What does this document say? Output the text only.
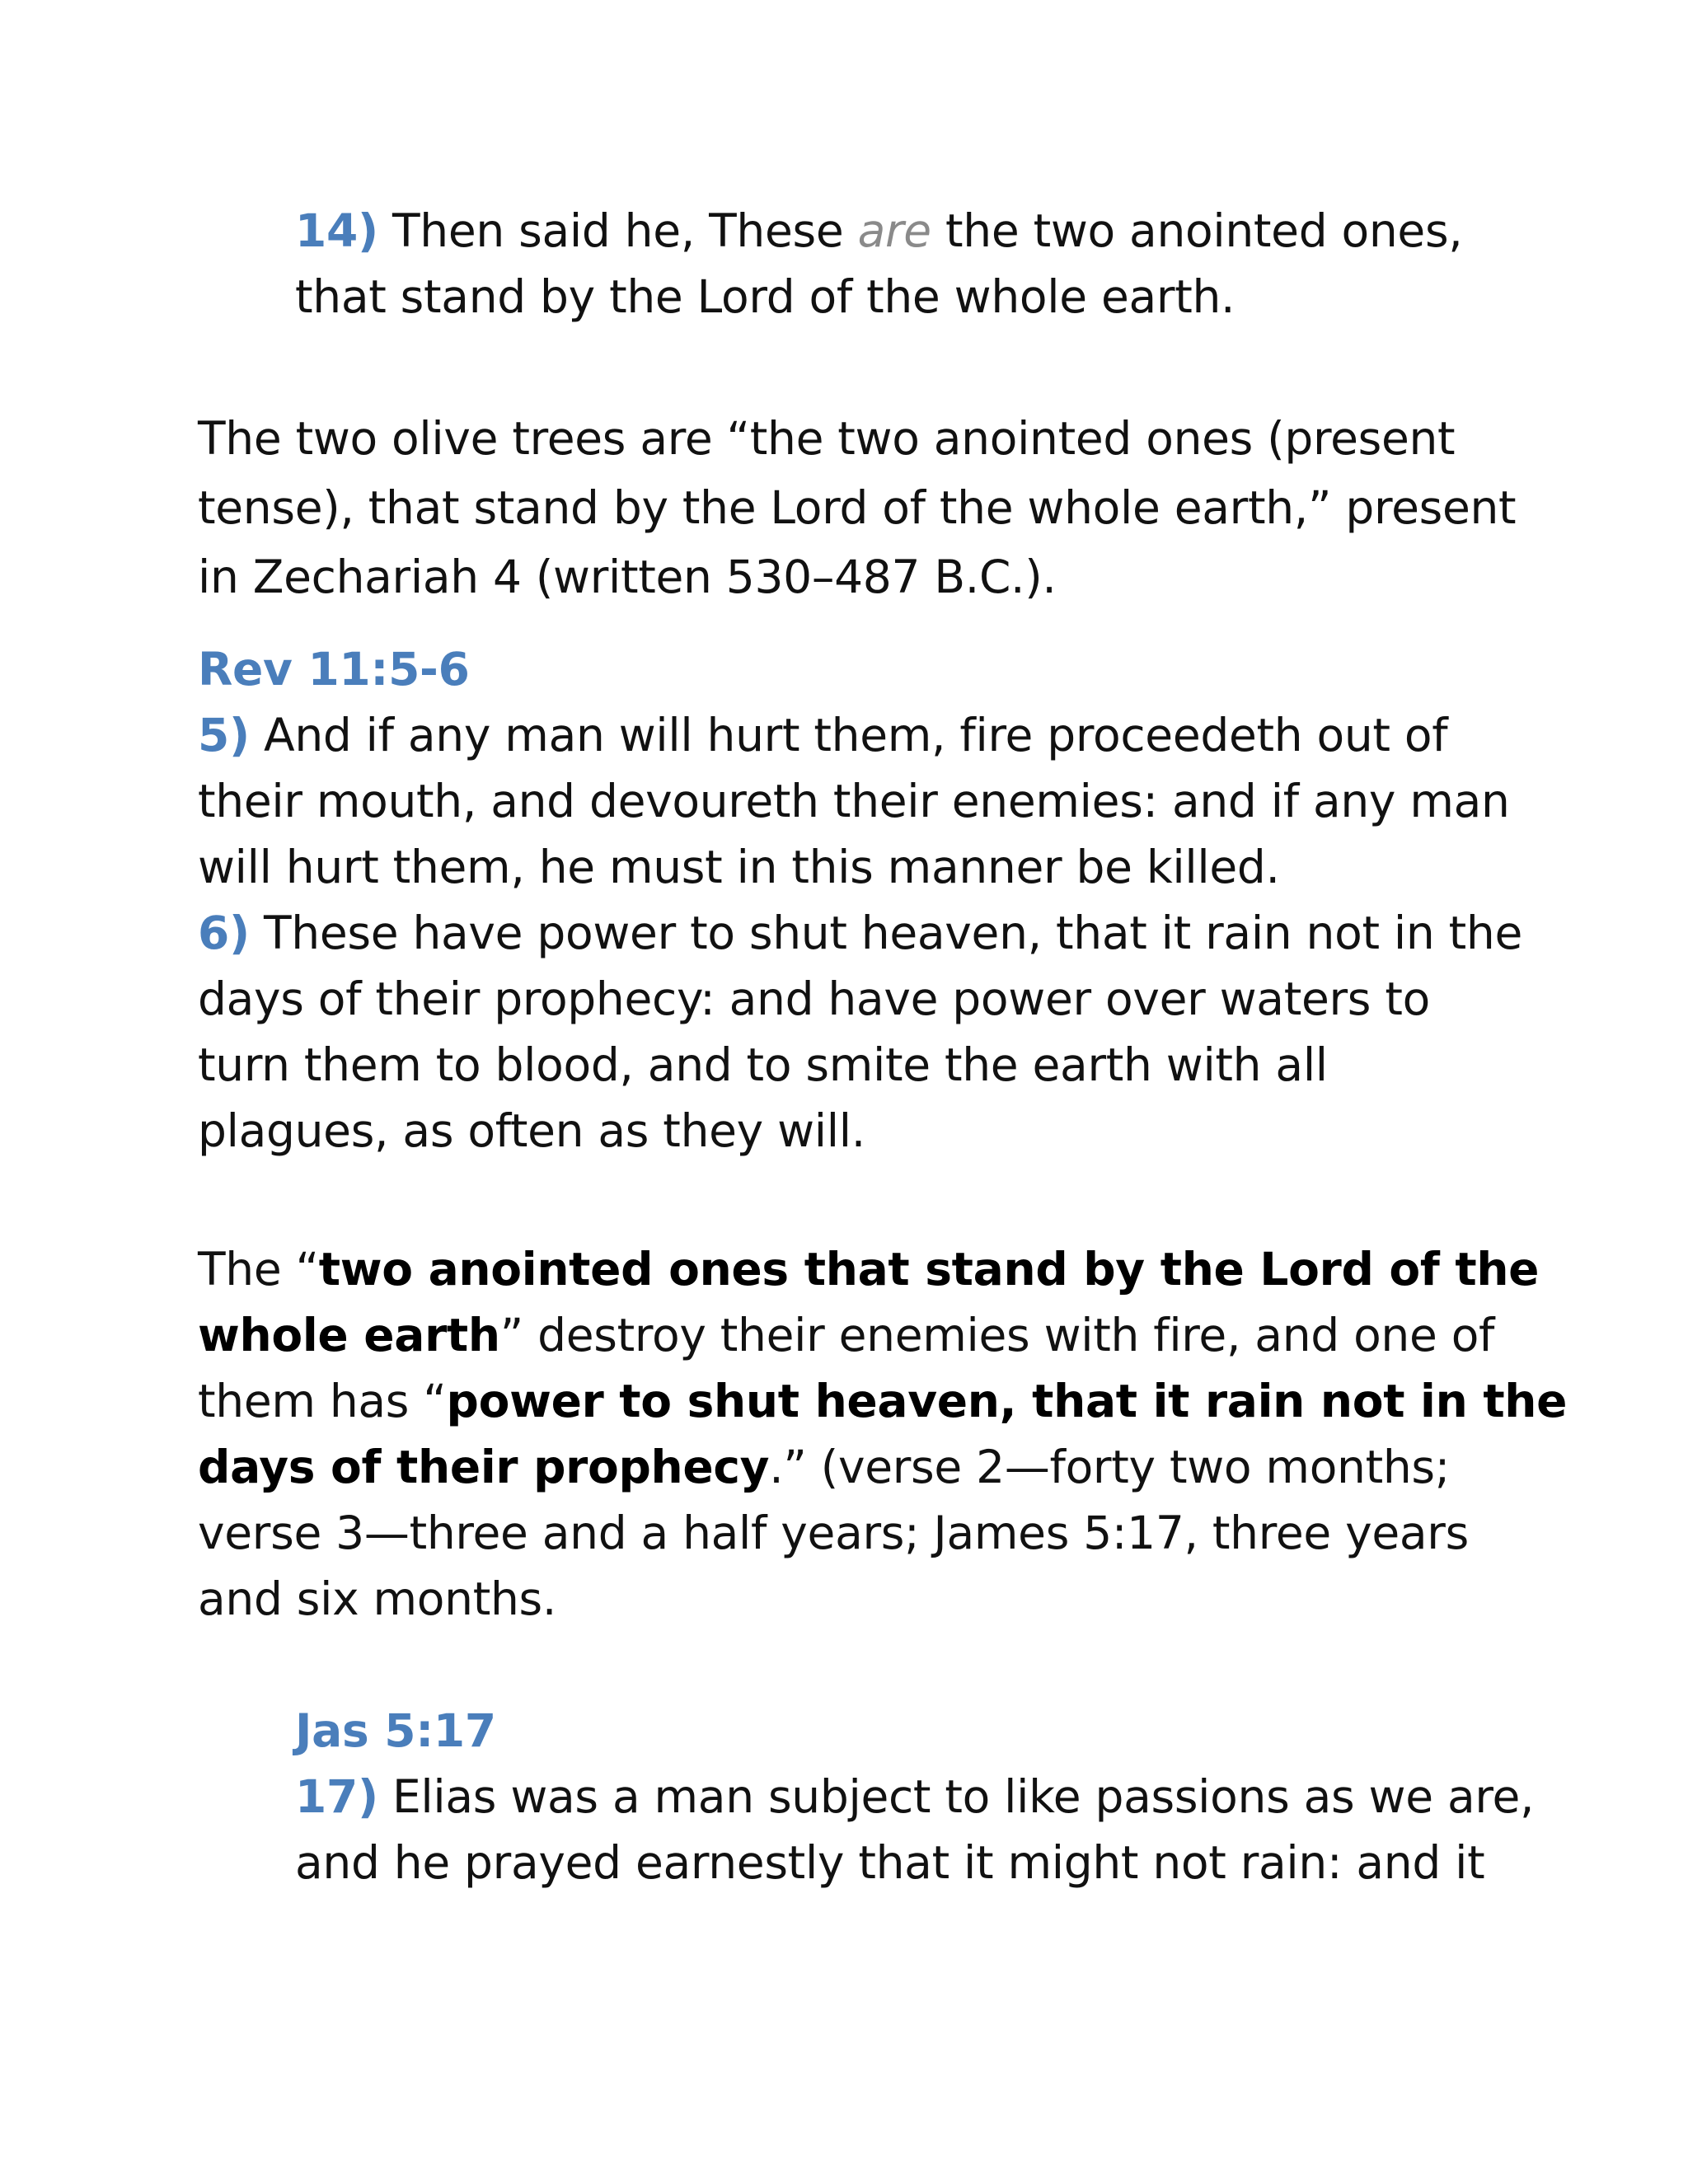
14) Then said he, These are the two anointed ones,
that stand by the Lord of the whole earth.
The two olive trees are “the two anointed ones (present
tense), that stand by the Lord of the whole earth,” present
in Zechariah 4 (written 530–487 B.C.).
Rev 11:5-6
5) And if any man will hurt them, fire proceedeth out of
their mouth, and devoureth their enemies: and if any man
will hurt them, he must in this manner be killed.
6) These have power to shut heaven, that it rain not in the
days of their prophecy: and have power over waters to
turn them to blood, and to smite the earth with all
plagues, as often as they will.
The “two anointed ones that stand by the Lord of the
whole earth” destroy their enemies with fire, and one of
them has “power to shut heaven, that it rain not in the
days of their prophecy.” (verse 2—forty two months;
verse 3—three and a half years; James 5:17, three years
and six months.
Jas 5:17
17) Elias was a man subject to like passions as we are,
and he prayed earnestly that it might not rain: and it
